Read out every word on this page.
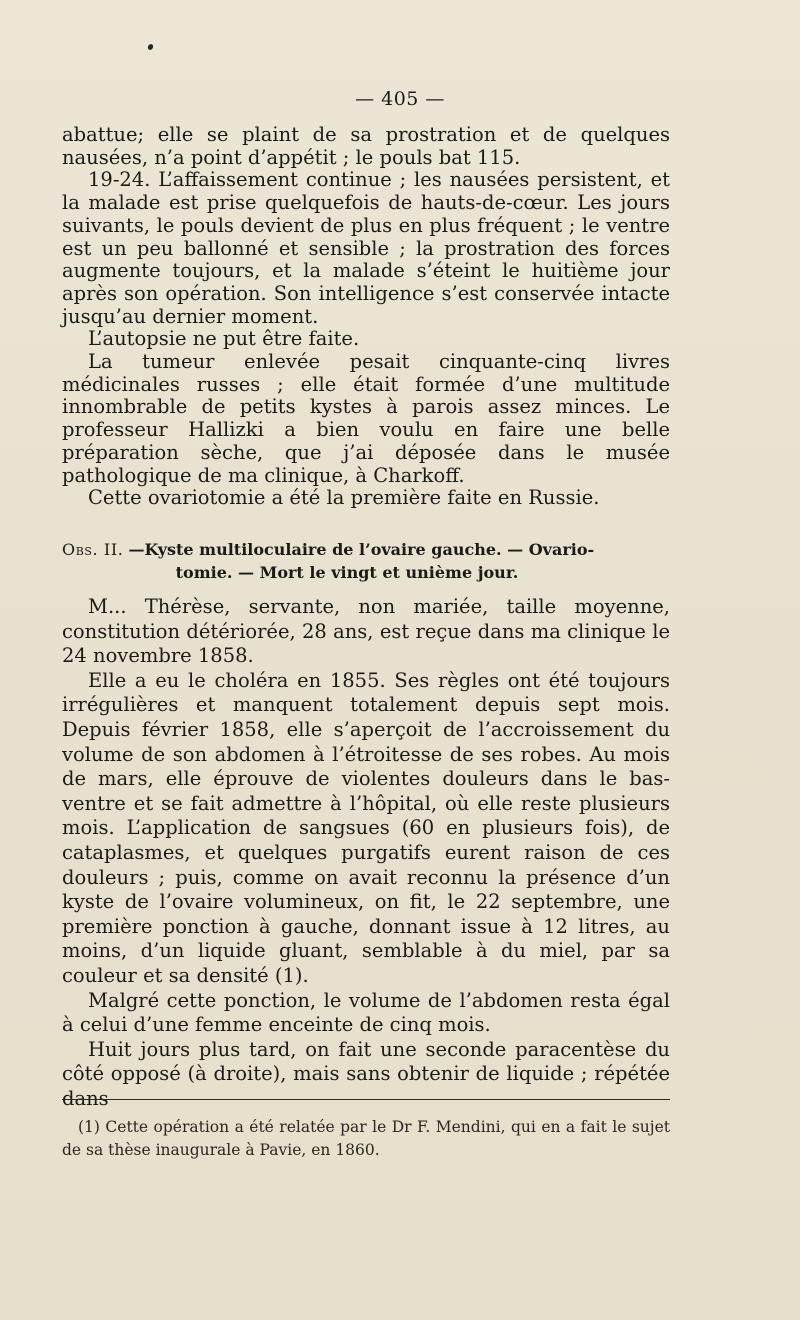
— 405 —

abattue; elle se plaint de sa prostration et de quelques nausées, n’a point d’appétit ; le pouls bat 115.

19-24. L’affaissement continue ; les nausées persistent, et la malade est prise quelquefois de hauts-de-cœur. Les jours suivants, le pouls devient de plus en plus fréquent ; le ventre est un peu ballonné et sensible ; la prostration des forces augmente toujours, et la malade s’éteint le huitième jour après son opération. Son intelligence s’est conservée intacte jusqu’au dernier moment.

L’autopsie ne put être faite.

La tumeur enlevée pesait cinquante-cinq livres médicinales russes ; elle était formée d’une multitude innombrable de petits kystes à parois assez minces. Le professeur Hallizki a bien voulu en faire une belle préparation sèche, que j’ai déposée dans le musée pathologique de ma clinique, à Charkoff.

Cette ovariotomie a été la première faite en Russie.

Obs. II. —Kyste multiloculaire de l’ovaire gauche. — Ovario-

tomie. — Mort le vingt et unième jour.

M... Thérèse, servante, non mariée, taille moyenne, constitution détériorée, 28 ans, est reçue dans ma clinique le 24 novembre 1858.

Elle a eu le choléra en 1855. Ses règles ont été toujours irrégulières et manquent totalement depuis sept mois. Depuis février 1858, elle s’aperçoit de l’accroissement du volume de son abdomen à l’étroitesse de ses robes. Au mois de mars, elle éprouve de violentes douleurs dans le bas-ventre et se fait admettre à l’hôpital, où elle reste plusieurs mois. L’application de sangsues (60 en plusieurs fois), de cataplasmes, et quelques purgatifs eurent raison de ces douleurs ; puis, comme on avait reconnu la présence d’un kyste de l’ovaire volumineux, on fit, le 22 septembre, une première ponction à gauche, donnant issue à 12 litres, au moins, d’un liquide gluant, semblable à du miel, par sa couleur et sa densité (1).

Malgré cette ponction, le volume de l’abdomen resta égal à celui d’une femme enceinte de cinq mois.

Huit jours plus tard, on fait une seconde paracentèse du côté opposé (à droite), mais sans obtenir de liquide ; répétée dans

(1) Cette opération a été relatée par le Dr F. Mendini, qui en a fait le sujet de sa thèse inaugurale à Pavie, en 1860.
